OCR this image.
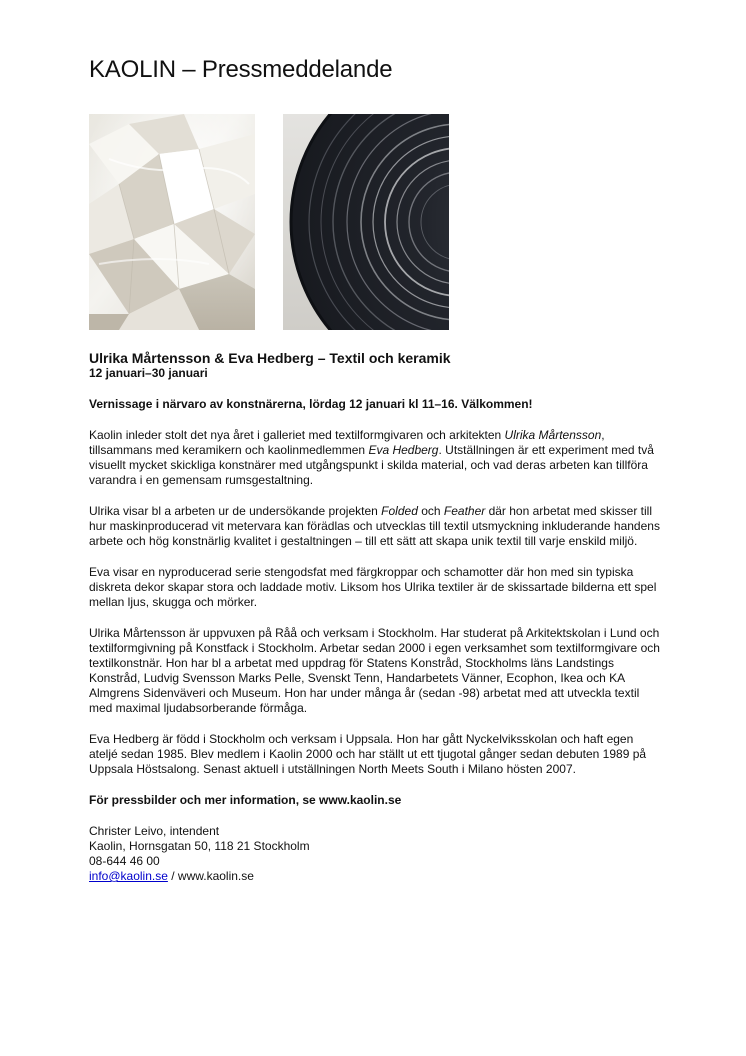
KAOLIN – Pressmeddelande
Ulrika Mårtensson & Eva Hedberg – Textil och keramik
12 januari–30 januari

Vernissage i närvaro av konstnärerna, lördag 12 januari kl 11–16. Välkommen!

Kaolin inleder stolt det nya året i galleriet med textilformgivaren och arkitekten Ulrika Mårtensson, tillsammans med keramikern och kaolinmedlemmen Eva Hedberg. Utställningen är ett experiment med två visuellt mycket skickliga konstnärer med utgångspunkt i skilda material, och vad deras arbeten kan tillföra varandra i en gemensam rumsgestaltning.

Ulrika visar bl a arbeten ur de undersökande projekten Folded och Feather där hon arbetat med skisser till hur maskinproducerad vit metervara kan förädlas och utvecklas till textil utsmyckning inkluderande handens arbete och hög konstnärlig kvalitet i gestaltningen – till ett sätt att skapa unik textil till varje enskild miljö.

Eva visar en nyproducerad serie stengodsfat med färgkroppar och schamotter där hon med sin typiska diskreta dekor skapar stora och laddade motiv. Liksom hos Ulrika textiler är de skissartade bilderna ett spel mellan ljus, skugga och mörker.

Ulrika Mårtensson är uppvuxen på Råå och verksam i Stockholm. Har studerat på Arkitektskolan i Lund och textilformgivning på Konstfack i Stockholm. Arbetar sedan 2000 i egen verksamhet som textilformgivare och textilkonstnär. Hon har bl a arbetat med uppdrag för Statens Konstråd, Stockholms läns Landstings Konstråd, Ludvig Svensson Marks Pelle, Svenskt Tenn, Handarbetets Vänner, Ecophon, Ikea och KA Almgrens Sidenväveri och Museum. Hon har under många år (sedan -98) arbetat med att utveckla textil med maximal ljudabsorberande förmåga.

Eva Hedberg är född i Stockholm och verksam i Uppsala. Hon har gått Nyckelviksskolan och haft egen ateljé sedan 1985. Blev medlem i Kaolin 2000 och har ställt ut ett tjugotal gånger sedan debuten 1989 på Uppsala Höstsalong. Senast aktuell i utställningen North Meets South i Milano hösten 2007.

För pressbilder och mer information, se www.kaolin.se

Christer Leivo, intendent
Kaolin, Hornsgatan 50, 118 21 Stockholm
08-644 46 00
info@kaolin.se / www.kaolin.se
